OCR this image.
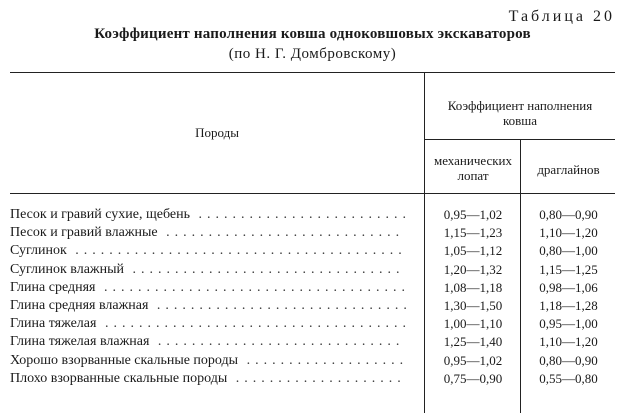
Таблица 20
Коэффициент наполнения ковша одноковшовых экскаваторов
(по Н. Г. Домбровскому)
Породы
Коэффициент наполнения ковша
механических лопат	драглайнов
Песок и гравий сухие, щебень .........................	0,95—1,02	0,80—0,90
Песок и гравий влажные ............................	1,15—1,23	1,10—1,20
Суглинок .......................................	1,05—1,12	0,80—1,00
Суглинок влажный ................................	1,20—1,32	1,15—1,25
Глина средняя ....................................	1,08—1,18	0,98—1,06
Глина средняя влажная ..............................	1,30—1,50	1,18—1,28
Глина тяжелая ....................................	1,00—1,10	0,95—1,00
Глина тяжелая влажная .............................	1,25—1,40	1,10—1,20
Хорошо взорванные скальные породы ...................	0,95—1,02	0,80—0,90
Плохо взорванные скальные породы ....................	0,75—0,90	0,55—0,80
